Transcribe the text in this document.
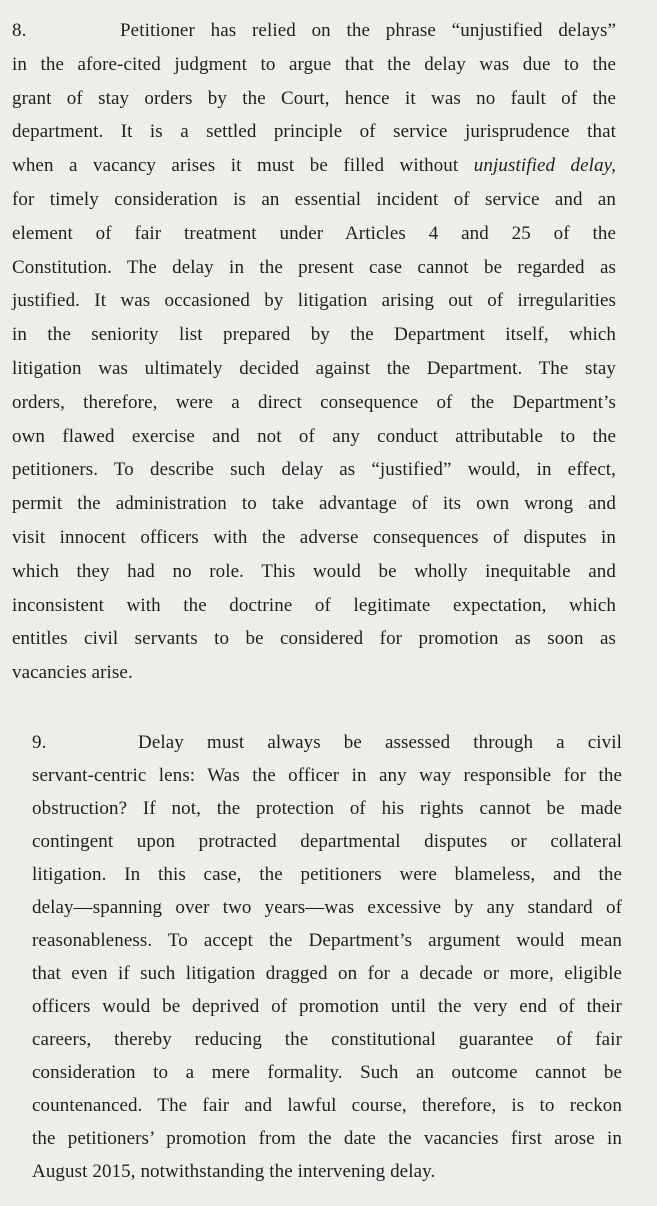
8.	Petitioner has relied on the phrase “unjustified delays”
in the afore-cited judgment to argue that the delay was due to the
grant of stay orders by the Court, hence it was no fault of the
department. It is a settled principle of service jurisprudence that
when a vacancy arises it must be filled without unjustified delay,
for timely consideration is an essential incident of service and an
element of fair treatment under Articles 4 and 25 of the
Constitution. The delay in the present case cannot be regarded as
justified. It was occasioned by litigation arising out of irregularities
in the seniority list prepared by the Department itself, which
litigation was ultimately decided against the Department. The stay
orders, therefore, were a direct consequence of the Department’s
own flawed exercise and not of any conduct attributable to the
petitioners. To describe such delay as “justified” would, in effect,
permit the administration to take advantage of its own wrong and
visit innocent officers with the adverse consequences of disputes in
which they had no role. This would be wholly inequitable and
inconsistent with the doctrine of legitimate expectation, which
entitles civil servants to be considered for promotion as soon as
vacancies arise.
9.	Delay must always be assessed through a civil
servant-centric lens: Was the officer in any way responsible for the
obstruction? If not, the protection of his rights cannot be made
contingent upon protracted departmental disputes or collateral
litigation. In this case, the petitioners were blameless, and the
delay—spanning over two years—was excessive by any standard of
reasonableness. To accept the Department’s argument would mean
that even if such litigation dragged on for a decade or more, eligible
officers would be deprived of promotion until the very end of their
careers, thereby reducing the constitutional guarantee of fair
consideration to a mere formality. Such an outcome cannot be
countenanced. The fair and lawful course, therefore, is to reckon
the petitioners’ promotion from the date the vacancies first arose in
August 2015, notwithstanding the intervening delay.
